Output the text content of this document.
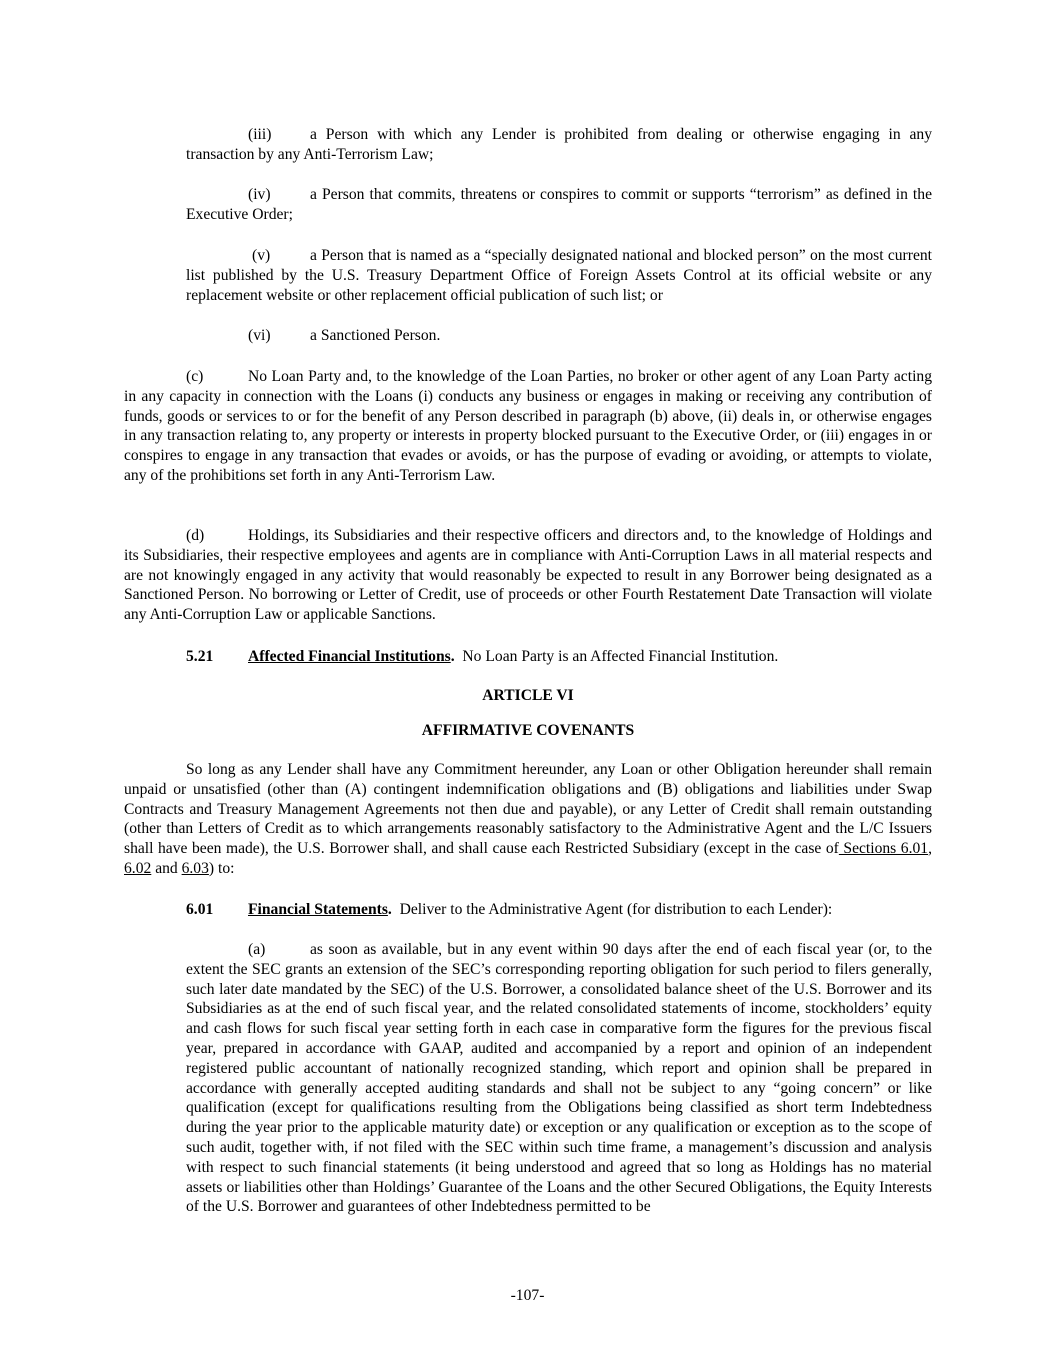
(iii) a Person with which any Lender is prohibited from dealing or otherwise engaging in any transaction by any Anti-Terrorism Law;

(iv)	a Person that commits, threatens or conspires to commit or supports “terrorism” as defined in the Executive Order;

(v)	a Person that is named as a “specially designated national and blocked person” on the most current list published by the U.S. Treasury Department Office of Foreign Assets Control at its official website or any replacement website or other replacement official publication of such list; or

(vi)	a Sanctioned Person.

(c)	No Loan Party and, to the knowledge of the Loan Parties, no broker or other agent of any Loan Party acting in any capacity in connection with the Loans (i) conducts any business or engages in making or receiving any contribution of funds, goods or services to or for the benefit of any Person described in paragraph (b) above, (ii) deals in, or otherwise engages in any transaction relating to, any property or interests in property blocked pursuant to the Executive Order, or (iii) engages in or conspires to engage in any transaction that evades or avoids, or has the purpose of evading or avoiding, or attempts to violate, any of the prohibitions set forth in any Anti-Terrorism Law.

(d)	Holdings, its Subsidiaries and their respective officers and directors and, to the knowledge of Holdings and its Subsidiaries, their respective employees and agents are in compliance with Anti-Corruption Laws in all material respects and are not knowingly engaged in any activity that would reasonably be expected to result in any Borrower being designated as a Sanctioned Person. No borrowing or Letter of Credit, use of proceeds or other Fourth Restatement Date Transaction will violate any Anti-Corruption Law or applicable Sanctions.

5.21 Affected Financial Institutions. No Loan Party is an Affected Financial Institution.

ARTICLE VI

AFFIRMATIVE COVENANTS

So long as any Lender shall have any Commitment hereunder, any Loan or other Obligation hereunder shall remain unpaid or unsatisfied (other than (A) contingent indemnification obligations and (B) obligations and liabilities under Swap Contracts and Treasury Management Agreements not then due and payable), or any Letter of Credit shall remain outstanding (other than Letters of Credit as to which arrangements reasonably satisfactory to the Administrative Agent and the L/C Issuers shall have been made), the U.S. Borrower shall, and shall cause each Restricted Subsidiary (except in the case of Sections 6.01, 6.02 and 6.03) to:

6.01 Financial Statements. Deliver to the Administrative Agent (for distribution to each Lender):

(a)	as soon as available, but in any event within 90 days after the end of each fiscal year (or, to the extent the SEC grants an extension of the SEC’s corresponding reporting obligation for such period to filers generally, such later date mandated by the SEC) of the U.S. Borrower, a consolidated balance sheet of the U.S. Borrower and its Subsidiaries as at the end of such fiscal year, and the related consolidated statements of income, stockholders’ equity and cash flows for such fiscal year setting forth in each case in comparative form the figures for the previous fiscal year, prepared in accordance with GAAP, audited and accompanied by a report and opinion of an independent registered public accountant of nationally recognized standing, which report and opinion shall be prepared in accordance with generally accepted auditing standards and shall not be subject to any “going concern” or like qualification (except for qualifications resulting from the Obligations being classified as short term Indebtedness during the year prior to the applicable maturity date) or exception or any qualification or exception as to the scope of such audit, together with, if not filed with the SEC within such time frame, a management’s discussion and analysis with respect to such financial statements (it being understood and agreed that so long as Holdings has no material assets or liabilities other than Holdings’ Guarantee of the Loans and the other Secured Obligations, the Equity Interests of the U.S. Borrower and guarantees of other Indebtedness permitted to be

-107-
